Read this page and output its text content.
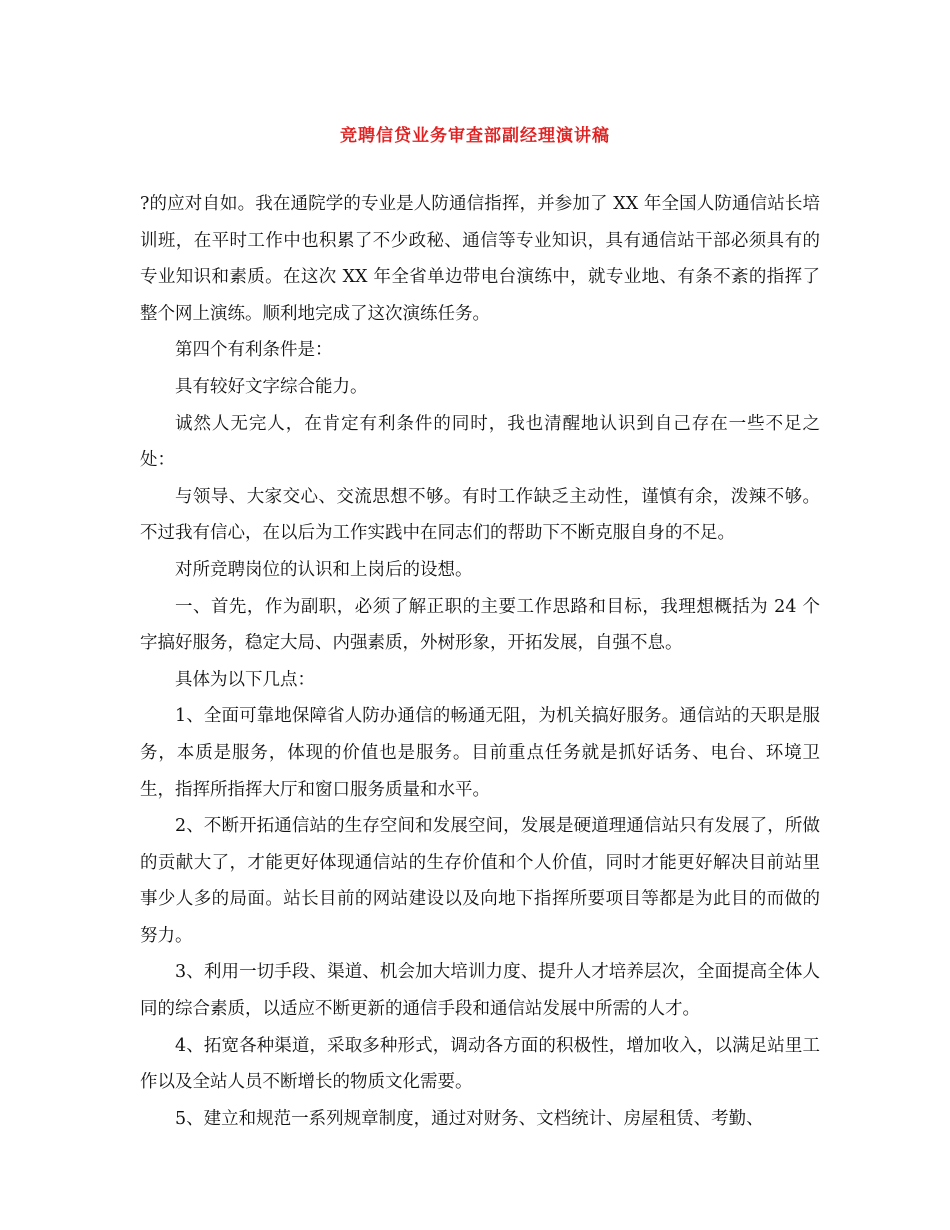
竞聘信贷业务审查部副经理演讲稿

?的应对自如。我在通院学的专业是人防通信指挥，并参加了 XX 年全国人防通信站长培训班，在平时工作中也积累了不少政秘、通信等专业知识，具有通信站干部必须具有的专业知识和素质。在这次 XX 年全省单边带电台演练中，就专业地、有条不紊的指挥了整个网上演练。顺利地完成了这次演练任务。

第四个有利条件是：

具有较好文字综合能力。

诚然人无完人，在肯定有利条件的同时，我也清醒地认识到自己存在一些不足之处：

与领导、大家交心、交流思想不够。有时工作缺乏主动性，谨慎有余，泼辣不够。不过我有信心，在以后为工作实践中在同志们的帮助下不断克服自身的不足。

对所竞聘岗位的认识和上岗后的设想。

一、首先，作为副职，必须了解正职的主要工作思路和目标，我理想概括为 24 个字搞好服务，稳定大局、内强素质，外树形象，开拓发展，自强不息。

具体为以下几点：

1、全面可靠地保障省人防办通信的畅通无阻，为机关搞好服务。通信站的天职是服务，本质是服务，体现的价值也是服务。目前重点任务就是抓好话务、电台、环境卫生，指挥所指挥大厅和窗口服务质量和水平。

2、不断开拓通信站的生存空间和发展空间，发展是硬道理通信站只有发展了，所做的贡献大了，才能更好体现通信站的生存价值和个人价值，同时才能更好解决目前站里事少人多的局面。站长目前的网站建设以及向地下指挥所要项目等都是为此目的而做的努力。

3、利用一切手段、渠道、机会加大培训力度、提升人才培养层次，全面提高全体人同的综合素质，以适应不断更新的通信手段和通信站发展中所需的人才。

4、拓宽各种渠道，采取多种形式，调动各方面的积极性，增加收入，以满足站里工作以及全站人员不断增长的物质文化需要。

5、建立和规范一系列规章制度，通过对财务、文档统计、房屋租赁、考勤、
